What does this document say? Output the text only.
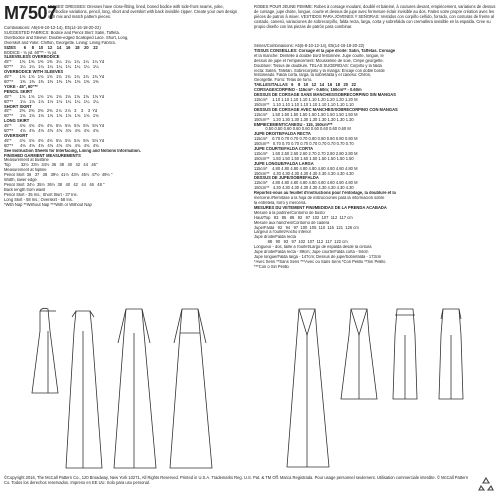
M7507
MISSES' DRESSES: Dresses have close-fitting, lined, boned bodice with side-front seams, yoke, overbodice variations, pencil, long, short and overskirt with back invisible zipper. Create your own design with mix and match pattern pieces.
ROBES POUR JEUNE FEMME: Robes à corsage moulant, doublé et baleiné, à coutures devant, empiècement, variations de dessus de corsage, jupe droite, longue, courte et dessus de jupe avec fermeture éclair invisible au dos. Faites votre propre création avec les pièces de patron à mixer. VESTIDOS PARA JÓVENES Y SEÑORAS: Vestidos con corpiño ceñido, forrado, con costuras de frente al costado, canesú, variaciones de sobrecorpiño, falda recta, larga, corta y sobrefalda con cremallera invisible en la espalda. Cree su propio diseño con las piezas de patrón para combinar.
Combinations: A5(6-8-10-12-14), E5(14-16-18-20-22)
SUGGESTED FABRICS: Bodice and Pencil Skirt: Satin, Taffeta.
Overbodice and Sleeve: Double-edged Scalloped Lace. Short, Long,
Overskirt and Yoke: Chiffon, Georgette. Lining: Lining Fabrics.
SIZES       6     8    10    12    14    16    18    20    22
BODICE - ⅝ yd. 60"** - ⅝ yd.
SLEEVELESS OVERBODICE
45"*       1⅜   1⅜   1⅜   1⅜   1¼   1¼   1¼   1¼   1¼ Yd
60"**      1¼   1¼   1¼   1¼   1¼   1¼   1¼   1¼   1¼
OVERBODICE WITH SLEEVES
45"*       1⅝   1⅝   1⅝   1⅝   1¾   1¾   1¾   1¾   1¾ Yd
60"**      1⅜   1⅜   1⅜   1⅜   1⅜   1⅜   1⅜   1⅜   1⅜
YOKE - 45", 60"**
PENCIL SKIRT
45"*       1⅝   1⅝   1⅝   1⅝   1⅝   1⅝   1⅝   1⅝   1⅝ Yd
60"**      1⅛   1⅛   1⅛   1⅛   1⅛   1¼   1¼   1¼   1¼
SHORT SKIRT
45"*       2⅜   2⅜   2⅜   2⅜   2⅞   2⅞   3    3    3  Yd
60"**      1⅝   1⅝   1⅝   1⅝   1⅝   1⅝   1⅝   1⅝   1⅝
LONG SKIRT
45"*       4⅝   4⅝   4⅝   4⅝   5⅛   5⅛   5⅛   5⅛   5⅛ Yd
60"**      4⅝   4⅝   4⅝   4⅝   4⅝   4⅝   4⅝   4⅝   4⅝
OVERSKIRT
45"*       4⅝   4⅝   4⅝   4⅝   5⅛   5⅛   5⅛   5⅛   5⅛ Yd
60"**      4⅝   4⅝   4⅝   4⅝   4⅝   4⅝   4⅝   4⅝   4⅝
See Instruction Sheets for Interfacing, Lining and Notions Information.
FINISHED GARMENT MEASUREMENTS
Measurement at bustline
Top         32½  33½  34½  36   38   40   42   44   46"
Measurement at hipline
Pencil Skirt  36   37   38   39½  41½  43½  45½  47½  49½ "
Width, lower edge
Pencil Skirt  34½  35½  36½  38   40   42   44   46   48 "
Back length from waist
Pencil Skirt - 35 Ins.; Short Skirt - 37 Ins.
Long Skirt - 58 Ins.; Overskirt - 58 Ins.
*With Nap **Without Nap ***With or Without Nap
Séries/Combinaisons: A5(6-8-10-12-14), E5(14-16-18-20-22)
TISSUS CONSEILLÉS: Corsage et la jupe droite: Satin, Taffetas. Corsage
et la manche: Dentelle à double bord festonnée. Jupe courte, longue, le
dessus de jupe et l'empiècement: Mousseline de soie, Crêpe georgette.
Doublure: Tissus de doublure. TELAS SUGERIDAS: Corpiño y la falda
recta: Satén, Tafetán. Sobrecorpiño y la manga: Encaje con doble borde
festoneado. Falda corta, larga, la sobrefalda y el canesú: Chifón,
Georgette. Forro: Telas de forro.
TAILLES/TALLAS   6    8   10   12   14   16   18   20   22
CORSAGE/CORPIÑO - 115cm* - 0.60m; 150cm** - 0.60m
DESSUS DE CORSAGE SANS MANCHES/SOBRECORPIÑO SIN MANGAS
115cm*    1.10 1.10 1.10 1.10 1.10 1.20 1.20 1.20 1.20 M
150cm**   1.10 1.10 1.10 1.10 1.10 1.10 1.10 1.10 1.10
DESSUS DE CORSAGE AVEC MANCHES/SOBRECORPIÑO CON MANGAS
115cm*    1.50 1.50 1.50 1.50 1.50 1.50 1.50 1.50 1.50 M
150cm**   1.20 1.30 1.30 1.30 1.30 1.30 1.30 1.30 1.30
EMPIÈCEMENT/CANESÚ - 115, 150cm***
0.50 0.50 0.60 0.60 0.60 0.60 0.60 0.60 0.60 M
JUPE DROITE/FALDA RECTA
115cm*    0.70 0.70 0.70 0.70 0.80 0.80 0.80 0.80 0.80 M
150cm**   0.70 0.70 0.70 0.70 0.70 0.70 0.70 0.70 0.70
JUPE COURTE/FALDA CORTA
115cm*    1.60 2.60 2.60 2.60 2.70 2.70 2.80 2.80 2.80 M
150cm**   1.50 1.50 1.50 1.50 1.50 1.50 1.50 1.50 1.50
JUPE LONGUE/FALDA LARGA
115cm*    4.80 4.80 4.80 4.80 4.80 4.80 4.80 4.80 4.80 M
150cm**   4.30 4.30 4.30 4.30 4.30 4.30 4.30 4.30 4.30
DESSUS DE JUPE/SOBREFALDA
115cm*    4.80 4.80 4.80 4.80 4.80 4.80 4.80 4.80 4.80 M
150cm**   4.30 4.30 4.30 4.30 4.30 4.30 4.30 4.30 4.30
Reportez-vous au feuillet d'instructions pour l'entoilage, la doublure et la
mercerie./Remítase a la hoja de instrucciones para la información sobre
la entretela, forro y mercería.
MESURES DU VÊTEMENT FINI/MEDIDAS DE LA PRENDA ACABADA
Mesure à la poitrine/Contorno de busto
Haut/Top   83   85   88   92   97  102  107  112  117 cm
Mesure aux hanches/Contorno de cadera
Jupe/Falda   92   94   97  100  105  110  116  121  126 cm
Largeur à l'ourlet/Ancho inferior
Jupe droite/Falda recta
88   90   93   97  102  107  112  117  122 cm
Longueur - dos, taille à l'ourlet/Largo de espalda desde la cintura
Jupe droite/Falda recta - 89cm; Jupe courte/Falda corta - 94cm
Jupe longue/Falda larga - 147cm; Dessus de jupe/Sobrefalda - 173cm
*Avec Sens **Sans Sens ***Avec ou Sans Sens *Con Pelillo **Sin Pelillo
***Con o Sin Pelillo
©Copyright 2016, The McCall Pattern Co., 120 Broadway, New York 10271, All Rights Reserved. Printed in U.S.A. Trademarks Reg. U.S. Pat. & TM Off. Marca Registrada. Pour usage personnel seulement. Utilisation commerciale interdite. © McCall Pattern Co. Todos los derechos reservados. Impreso en EE.UU. Solo para uso personal.
